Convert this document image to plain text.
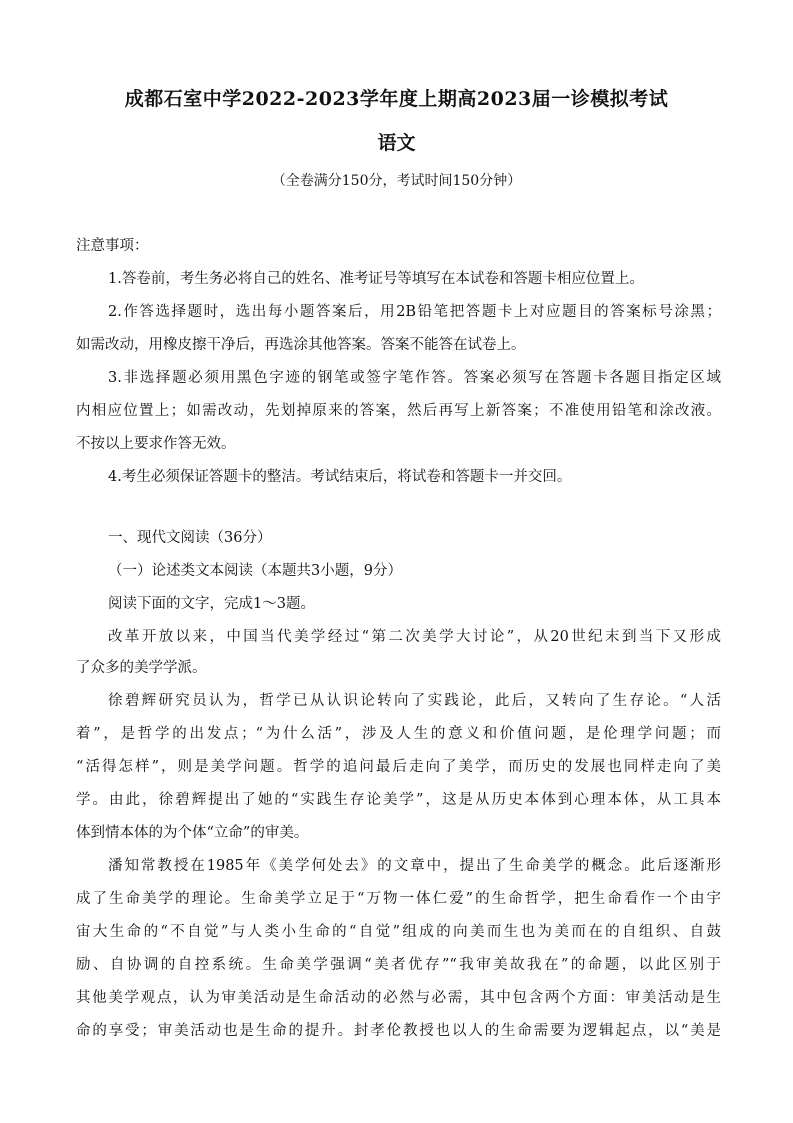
成都石室中学2022-2023学年度上期高2023届一诊模拟考试
语文
（全卷满分150分，考试时间150分钟）
注意事项：
1.答卷前，考生务必将自己的姓名、准考证号等填写在本试卷和答题卡相应位置上。
2.作答选择题时，选出每小题答案后，用2B铅笔把答题卡上对应题目的答案标号涂黑；
如需改动，用橡皮擦干净后，再选涂其他答案。答案不能答在试卷上。
3.非选择题必须用黑色字迹的钢笔或签字笔作答。答案必须写在答题卡各题目指定区域
内相应位置上；如需改动，先划掉原来的答案，然后再写上新答案；不准使用铅笔和涂改液。
不按以上要求作答无效。
4.考生必须保证答题卡的整洁。考试结束后，将试卷和答题卡一并交回。
一、现代文阅读（36分）
（一）论述类文本阅读（本题共3小题，9分）
阅读下面的文字，完成1～3题。
改革开放以来，中国当代美学经过“第二次美学大讨论”，从20世纪末到当下又形成
了众多的美学学派。
徐碧辉研究员认为，哲学已从认识论转向了实践论，此后，又转向了生存论。“人活
着”，是哲学的出发点；“为什么活”，涉及人生的意义和价值问题，是伦理学问题；而
“活得怎样”，则是美学问题。哲学的追问最后走向了美学，而历史的发展也同样走向了美
学。由此，徐碧辉提出了她的“实践生存论美学”，这是从历史本体到心理本体，从工具本
体到情本体的为个体“立命”的审美。
潘知常教授在1985年《美学何处去》的文章中，提出了生命美学的概念。此后逐渐形
成了生命美学的理论。生命美学立足于“万物一体仁爱”的生命哲学，把生命看作一个由宇
宙大生命的“不自觉”与人类小生命的“自觉”组成的向美而生也为美而在的自组织、自鼓
励、自协调的自控系统。生命美学强调“美者优存”“我审美故我在”的命题，以此区别于
其他美学观点，认为审美活动是生命活动的必然与必需，其中包含两个方面：审美活动是生
命的享受；审美活动也是生命的提升。封孝伦教授也以人的生命需要为逻辑起点，以“美是
